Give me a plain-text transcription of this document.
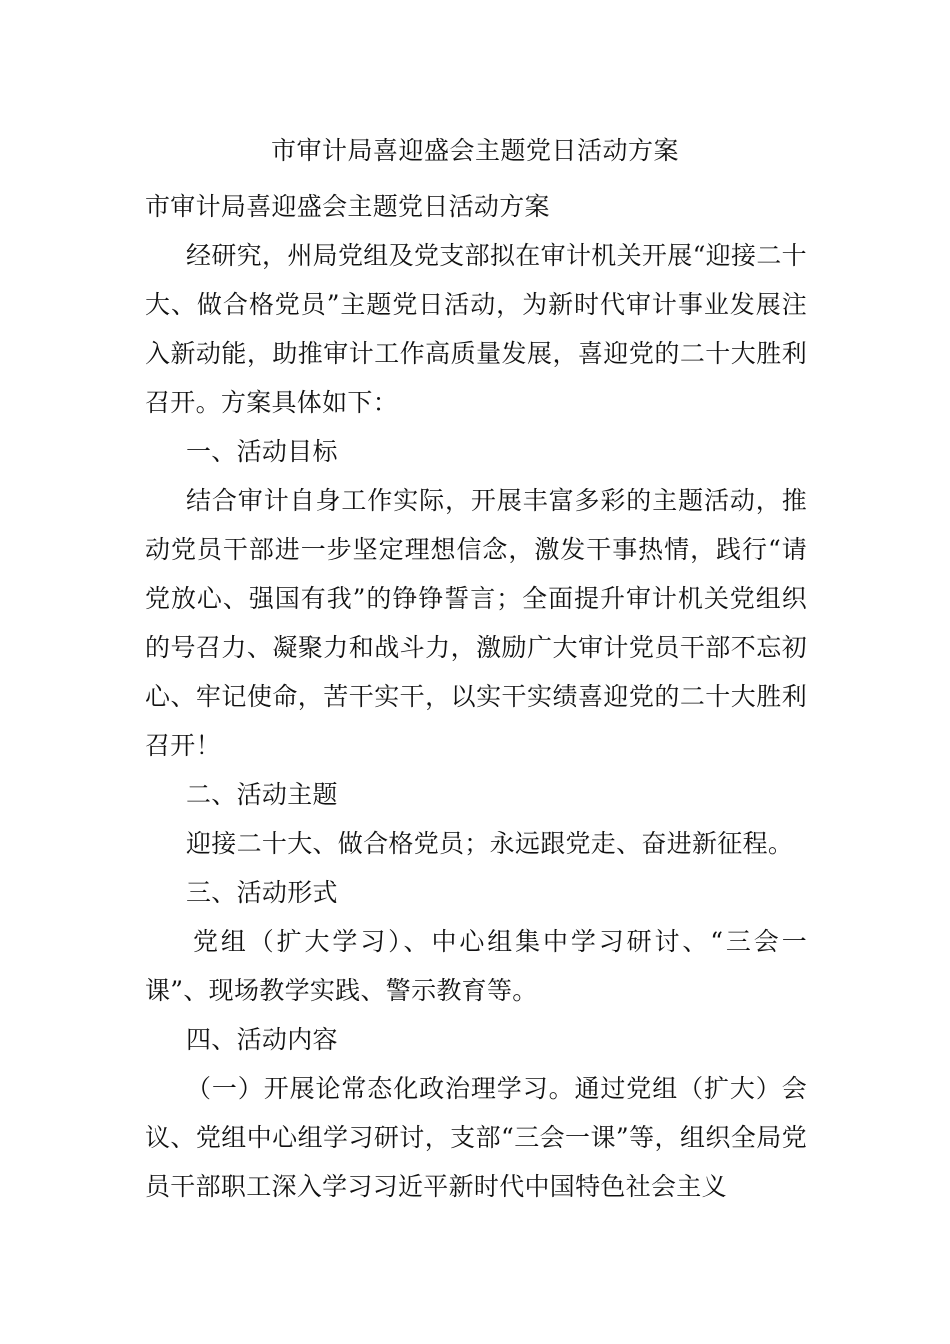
市审计局喜迎盛会主题党日活动方案

市审计局喜迎盛会主题党日活动方案

经研究，州局党组及党支部拟在审计机关开展“迎接二十大、做合格党员”主题党日活动，为新时代审计事业发展注入新动能，助推审计工作高质量发展，喜迎党的二十大胜利召开。方案具体如下：

一、活动目标

结合审计自身工作实际，开展丰富多彩的主题活动，推动党员干部进一步坚定理想信念，激发干事热情，践行“请党放心、强国有我”的铮铮誓言；全面提升审计机关党组织的号召力、凝聚力和战斗力，激励广大审计党员干部不忘初心、牢记使命，苦干实干，以实干实绩喜迎党的二十大胜利召开！

二、活动主题

迎接二十大、做合格党员；永远跟党走、奋进新征程。

三、活动形式

党组（扩大学习）、中心组集中学习研讨、“三会一课”、现场教学实践、警示教育等。

四、活动内容

（一）开展论常态化政治理学习。通过党组（扩大）会议、党组中心组学习研讨，支部“三会一课”等，组织全局党员干部职工深入学习习近平新时代中国特色社会主义
